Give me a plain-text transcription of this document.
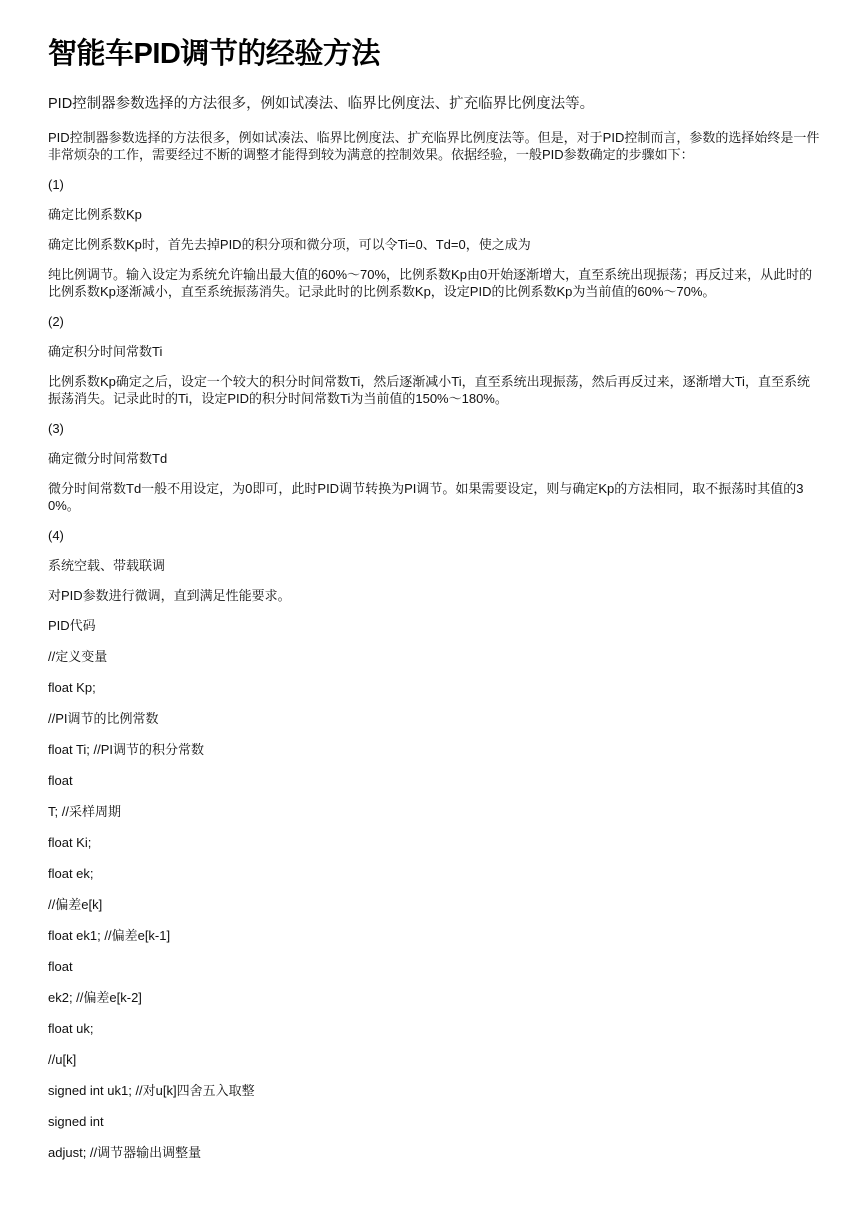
智能车PID调节的经验方法

PID控制器参数选择的方法很多，例如试凑法、临界比例度法、扩充临界比例度法等。

PID控制器参数选择的方法很多，例如试凑法、临界比例度法、扩充临界比例度法等。但是，对于PID控制而言，参数的选择始终是一件非常烦杂的工作，需要经过不断的调整才能得到较为满意的控制效果。依据经验，一般PID参数确定的步骤如下：

(1)

确定比例系数Kp

确定比例系数Kp时，首先去掉PID的积分项和微分项，可以令Ti=0、Td=0，使之成为

纯比例调节。输入设定为系统允许输出最大值的60%～70%，比例系数Kp由0开始逐渐增大，直至系统出现振荡；再反过来，从此时的比例系数Kp逐渐减小，直至系统振荡消失。记录此时的比例系数Kp，设定PID的比例系数Kp为当前值的60%～70%。

(2)

确定积分时间常数Ti

比例系数Kp确定之后，设定一个较大的积分时间常数Ti，然后逐渐减小Ti，直至系统出现振荡，然后再反过来，逐渐增大Ti，直至系统振荡消失。记录此时的Ti，设定PID的积分时间常数Ti为当前值的150%～180%。

(3)

确定微分时间常数Td

微分时间常数Td一般不用设定，为0即可，此时PID调节转换为PI调节。如果需要设定，则与确定Kp的方法相同，取不振荡时其值的30%。

(4)

系统空载、带载联调

对PID参数进行微调，直到满足性能要求。

PID代码

//定义变量

float Kp;

//PI调节的比例常数

float Ti; //PI调节的积分常数

float

T; //采样周期

float Ki;

float ek;

//偏差e[k]

float ek1; //偏差e[k-1]

float

ek2; //偏差e[k-2]

float uk;

//u[k]

signed int uk1; //对u[k]四舍五入取整

signed int

adjust; //调节器输出调整量
